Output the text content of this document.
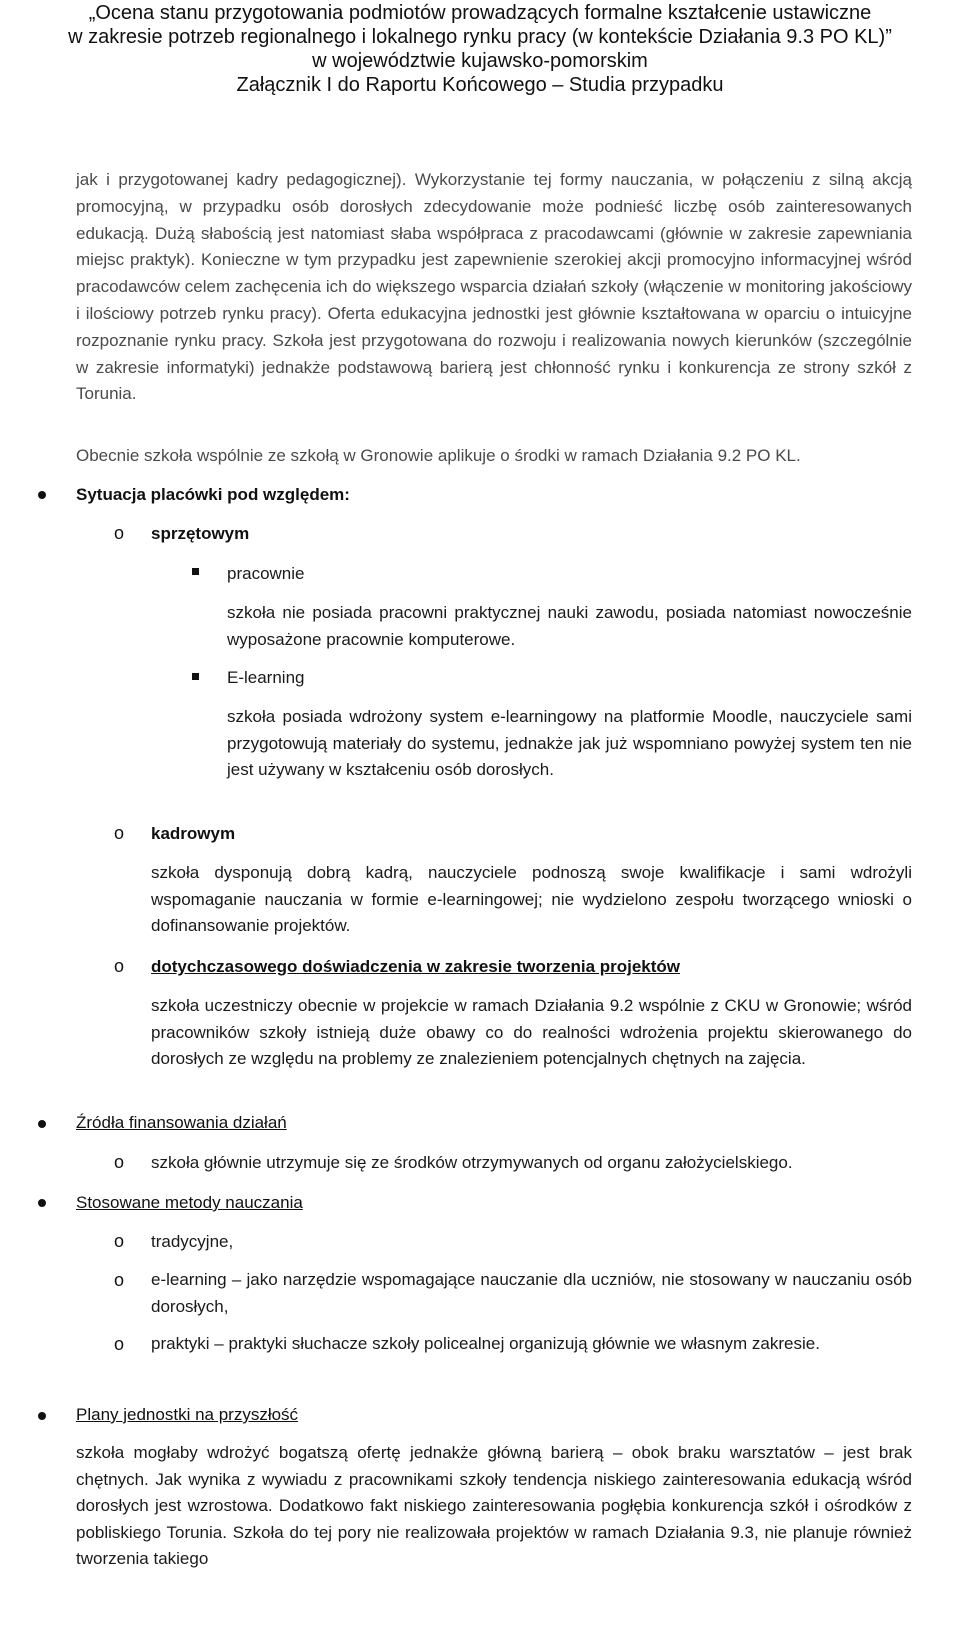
„Ocena stanu przygotowania podmiotów prowadzących formalne kształcenie ustawiczne
w zakresie potrzeb regionalnego i lokalnego rynku pracy (w kontekście Działania 9.3 PO KL)”
w województwie kujawsko-pomorskim
Załącznik I do Raportu Końcowego – Studia przypadku

jak i przygotowanej kadry pedagogicznej). Wykorzystanie tej formy nauczania, w połączeniu z silną akcją promocyjną, w przypadku osób dorosłych zdecydowanie może podnieść liczbę osób zainteresowanych edukacją. Dużą słabością jest natomiast słaba współpraca z pracodawcami (głównie w zakresie zapewniania miejsc praktyk). Konieczne w tym przypadku jest zapewnienie szerokiej akcji promocyjno informacyjnej wśród pracodawców celem zachęcenia ich do większego wsparcia działań szkoły (włączenie w monitoring jakościowy i ilościowy potrzeb rynku pracy). Oferta edukacyjna jednostki jest głównie kształtowana w oparciu o intuicyjne rozpoznanie rynku pracy. Szkoła jest przygotowana do rozwoju i realizowania nowych kierunków (szczególnie w zakresie informatyki) jednakże podstawową barierą jest chłonność rynku i konkurencja ze strony szkół z Torunia.

Obecnie szkoła wspólnie ze szkołą w Gronowie aplikuje o środki w ramach Działania 9.2 PO KL.

Sytuacja placówki pod względem:
o sprzętowym
pracownie

szkoła nie posiada pracowni praktycznej nauki zawodu, posiada natomiast nowocześnie wyposażone pracownie komputerowe.

E-learning

szkoła posiada wdrożony system e-learningowy na platformie Moodle, nauczyciele sami przygotowują materiały do systemu, jednakże jak już wspomniano powyżej system ten nie jest używany w kształceniu osób dorosłych.

o kadrowym

szkoła dysponują dobrą kadrą, nauczyciele podnoszą swoje kwalifikacje i sami wdrożyli wspomaganie nauczania w formie e-learningowej; nie wydzielono zespołu tworzącego wnioski o dofinansowanie projektów.

o dotychczasowego doświadczenia w zakresie tworzenia projektów

szkoła uczestniczy obecnie w projekcie w ramach Działania 9.2 wspólnie z CKU w Gronowie; wśród pracowników szkoły istnieją duże obawy co do realności wdrożenia projektu skierowanego do dorosłych ze względu na problemy ze znalezieniem potencjalnych chętnych na zajęcia.

Źródła finansowania działań
o szkoła głównie utrzymuje się ze środków otrzymywanych od organu założycielskiego.
Stosowane metody nauczania
o tradycyjne,
o e-learning – jako narzędzie wspomagające nauczanie dla uczniów, nie stosowany w nauczaniu osób dorosłych,

o praktyki – praktyki słuchacze szkoły policealnej organizują głównie we własnym zakresie.

Plany jednostki na przyszłość

szkoła mogłaby wdrożyć bogatszą ofertę jednakże główną barierą – obok braku warsztatów – jest brak chętnych. Jak wynika z wywiadu z pracownikami szkoły tendencja niskiego zainteresowania edukacją wśród dorosłych jest wzrostowa. Dodatkowo fakt niskiego zainteresowania pogłębia konkurencja szkół i ośrodków z pobliskiego Torunia. Szkoła do tej pory nie realizowała projektów w ramach Działania 9.3, nie planuje również tworzenia takiego
